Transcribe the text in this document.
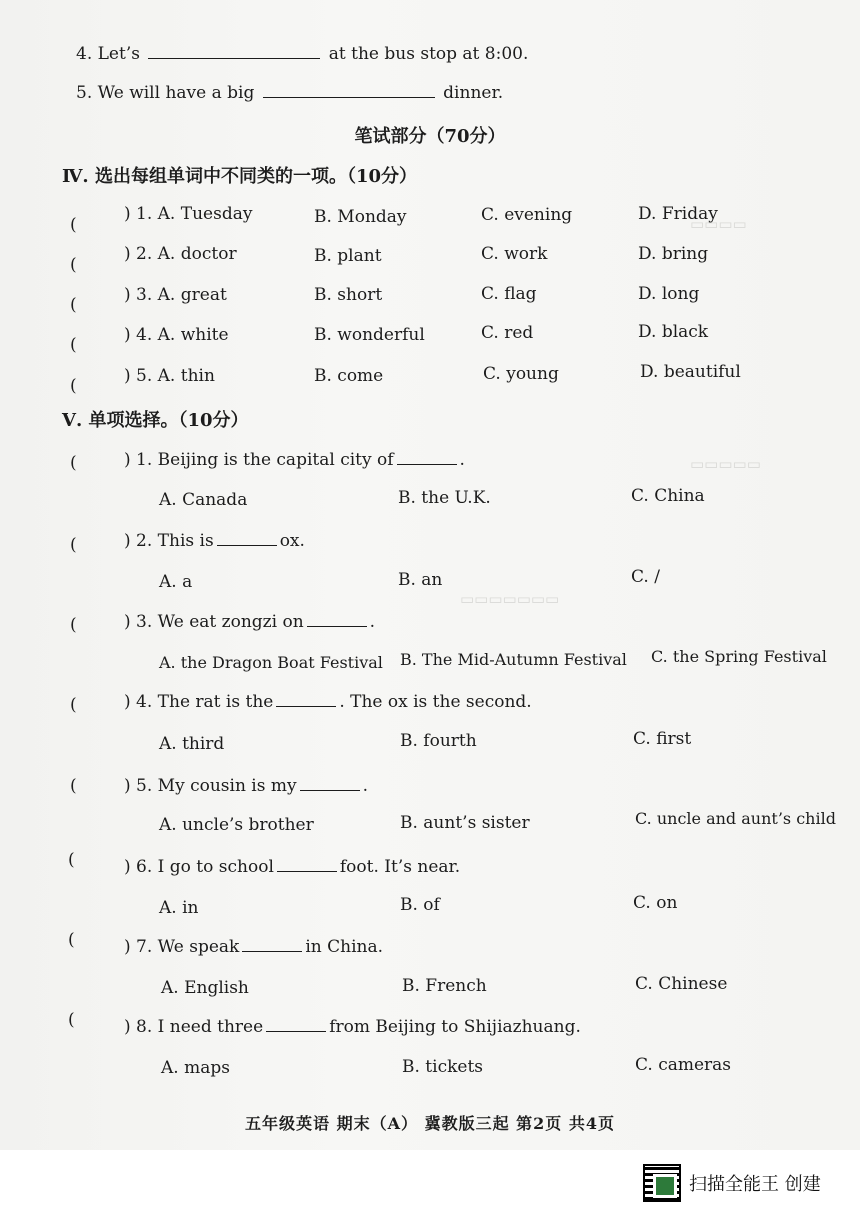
▭▭▭▭
▭▭▭▭▭
▭▭▭▭▭▭▭
4. Let’s	at the bus stop at 8:00.
5. We will have a big	dinner.
笔试部分（70分）
Ⅳ. 选出每组单词中不同类的一项。（10分）
(
) 1. A. Tuesday	B. Monday	C. evening	D. Friday
(
) 2. A. doctor	B. plant	C. work	D. bring
(	) 3. A. great	B. short	C. flag	D. long
(	) 4. A. white	B. wonderful	C. red	D. black
(	) 5. A. thin	B. come	C. young	D. beautiful
Ⅴ. 单项选择。（10分）
(	) 1. Beijing is the capital city of	.
A. Canada	B. the U.K.	C. China
(	) 2. This is	ox.
A. a	B. an	C. /
(	) 3. We eat zongzi on	.
A. the Dragon Boat Festival B. The Mid-Autumn Festival C. the Spring Festival
(	) 4. The rat is the	. The ox is the second.
A. third	B. fourth	C. first
(	) 5. My cousin is my	.
A. uncle’s brother	B. aunt’s sister	C. uncle and aunt’s child
(	) 6. I go to school	foot. It’s near.
A. in	B. of	C. on
(	) 7. We speak	in China.
A. English	B. French	C. Chinese
(	) 8. I need three	from Beijing to Shijiazhuang.
A. maps	B. tickets	C. cameras
五年级英语 期末（A） 冀教版三起 第2页 共4页
扫描全能王 创建
